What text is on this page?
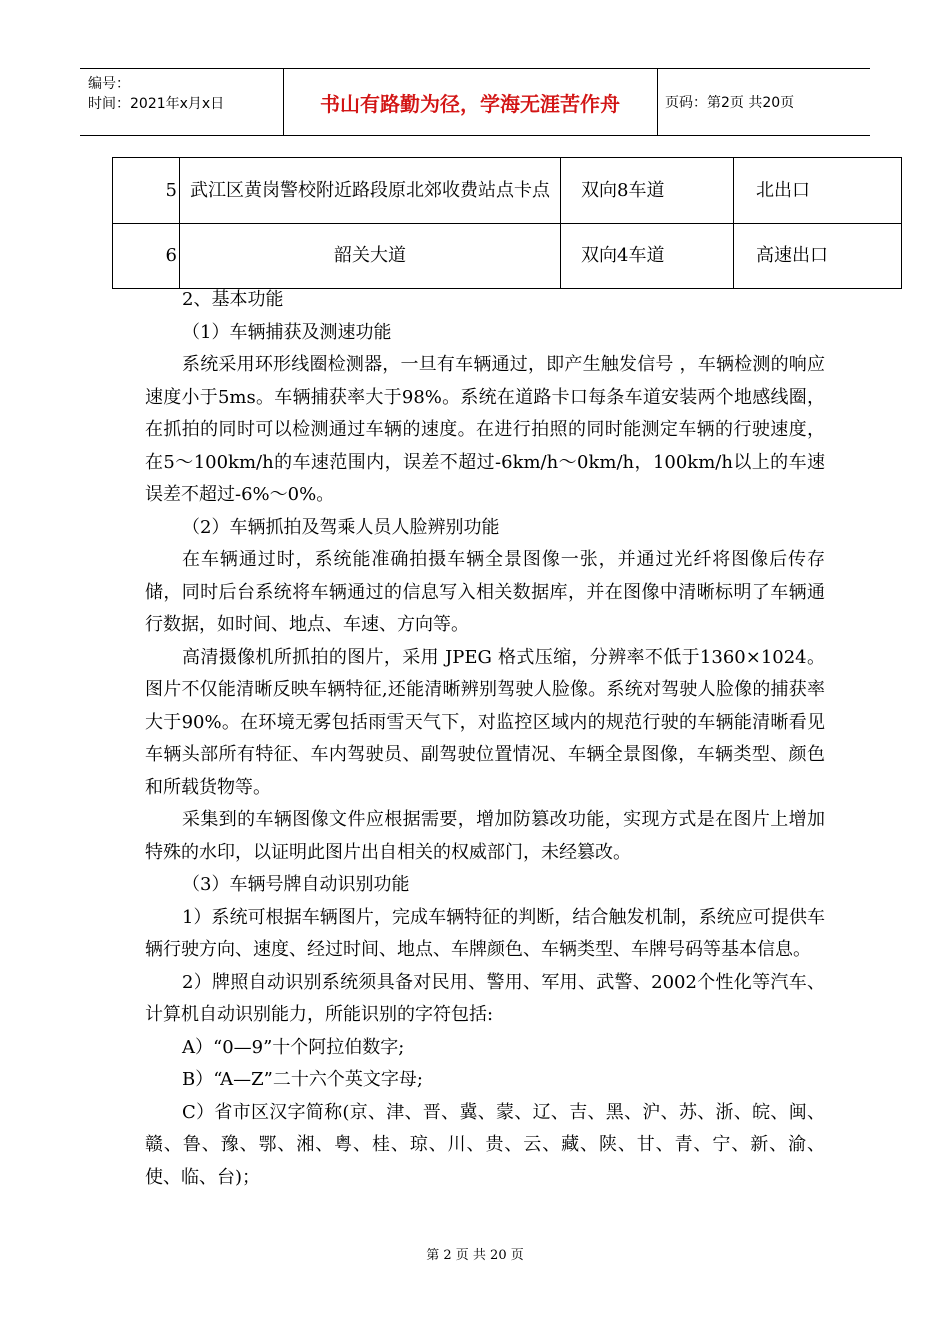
编号：
时间：2021年x月x日	书山有路勤为径，学海无涯苦作舟	页码：第2页 共20页
5	武江区黄岗警校附近路段原北郊收费站点卡点	双向8车道	北出口
6	韶关大道	双向4车道	高速出口

2、基本功能

（1）车辆捕获及测速功能

系统采用环形线圈检测器，一旦有车辆通过，即产生触发信号 ，车辆检测的响应速度小于5ms。车辆捕获率大于98%。系统在道路卡口每条车道安装两个地感线圈，在抓拍的同时可以检测通过车辆的速度。在进行拍照的同时能测定车辆的行驶速度，在5～100km/h的车速范围内，误差不超过-6km/h～0km/h，100km/h以上的车速误差不超过-6%～0%。

（2）车辆抓拍及驾乘人员人脸辨别功能

在车辆通过时，系统能准确拍摄车辆全景图像一张，并通过光纤将图像后传存储，同时后台系统将车辆通过的信息写入相关数据库，并在图像中清晰标明了车辆通行数据，如时间、地点、车速、方向等。

高清摄像机所抓拍的图片，采用 JPEG 格式压缩，分辨率不低于1360×1024。图片不仅能清晰反映车辆特征,还能清晰辨别驾驶人脸像。系统对驾驶人脸像的捕获率大于90%。在环境无雾包括雨雪天气下，对监控区域内的规范行驶的车辆能清晰看见车辆头部所有特征、车内驾驶员、副驾驶位置情况、车辆全景图像，车辆类型、颜色和所载货物等。

采集到的车辆图像文件应根据需要，增加防篡改功能，实现方式是在图片上增加特殊的水印，以证明此图片出自相关的权威部门，未经篡改。

（3）车辆号牌自动识别功能

1）系统可根据车辆图片，完成车辆特征的判断，结合触发机制，系统应可提供车辆行驶方向、速度、经过时间、地点、车牌颜色、车辆类型、车牌号码等基本信息。

2）牌照自动识别系统须具备对民用、警用、军用、武警、2002个性化等汽车、计算机自动识别能力，所能识别的字符包括:

A）“0—9”十个阿拉伯数字;

B）“A—Z”二十六个英文字母;

C）省市区汉字简称(京、津、晋、冀、蒙、辽、吉、黑、沪、苏、浙、皖、闽、赣、鲁、豫、鄂、湘、粤、桂、琼、川、贵、云、藏、陕、甘、青、宁、新、渝、使、临、台)；

第 2 页 共 20 页
